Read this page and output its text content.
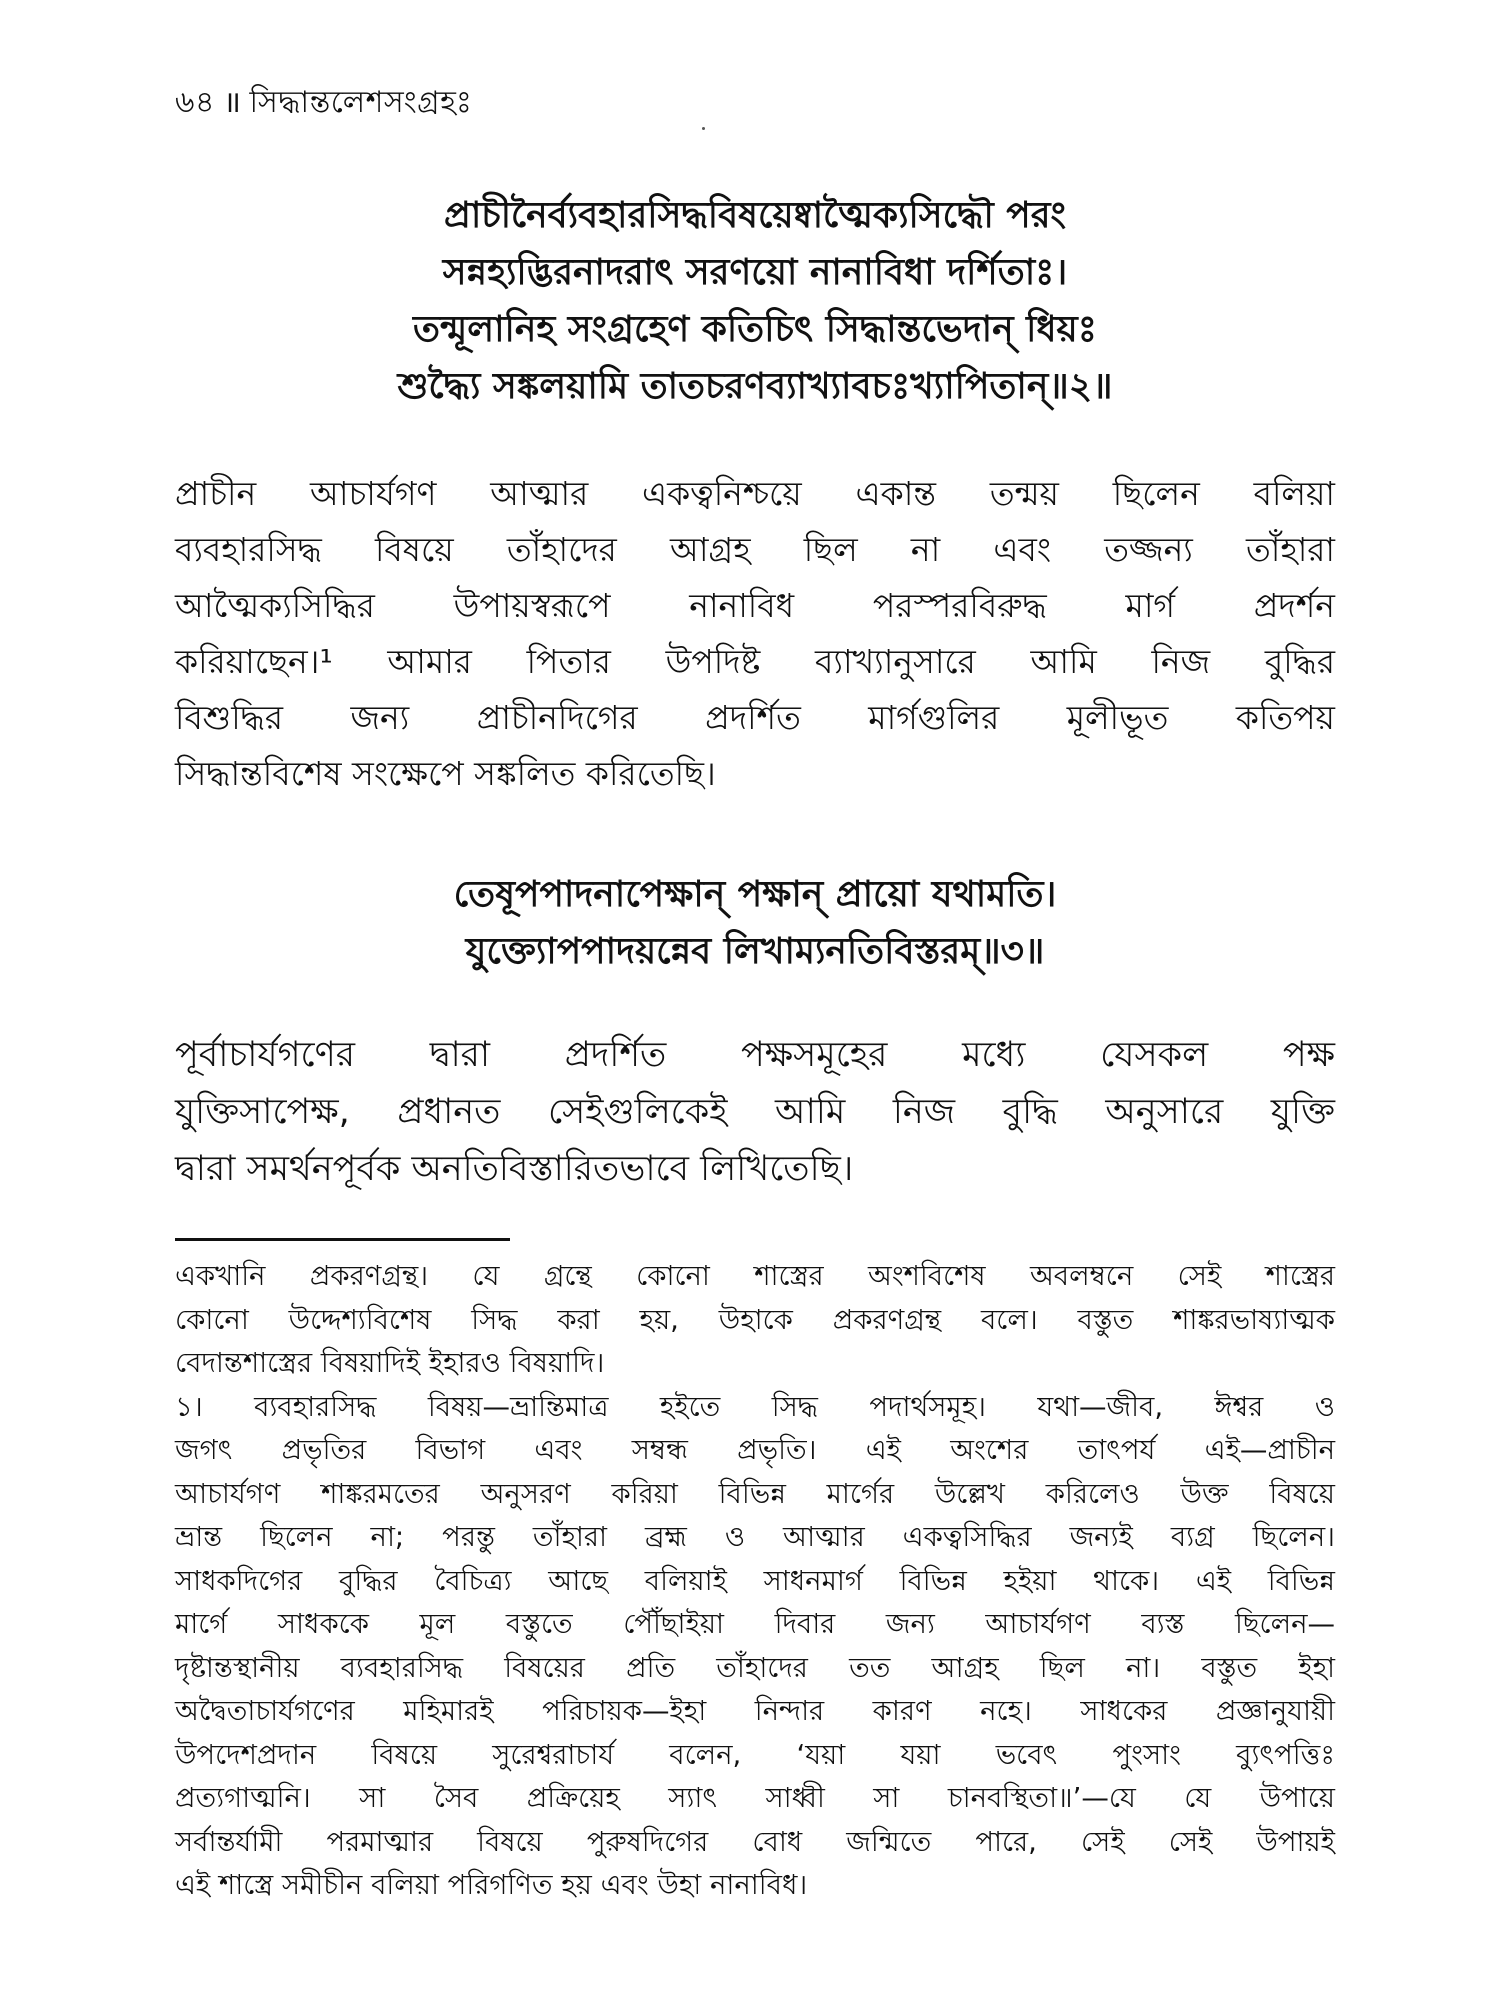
৬৪ ॥ সিদ্ধান্তলেশসংগ্রহঃ
প্রাচীনৈর্ব্যবহারসিদ্ধবিষয়েষ্বাত্মৈক্যসিদ্ধৌ পরং
সন্নহ্যদ্ভিরনাদরাৎ সরণয়ো নানাবিধা দর্শিতাঃ।
তন্মূলানিহ সংগ্রহেণ কতিচিৎ সিদ্ধান্তভেদান্ ধিয়ঃ
শুদ্ধ্যৈ সঙ্কলয়ামি তাতচরণব্যাখ্যাবচঃখ্যাপিতান্॥২॥
প্রাচীন আচার্যগণ আত্মার একত্বনিশ্চয়ে একান্ত তন্ময় ছিলেন বলিয়া
ব্যবহারসিদ্ধ বিষয়ে তাঁহাদের আগ্রহ ছিল না এবং তজ্জন্য তাঁহারা
আত্মৈক্যসিদ্ধির উপায়স্বরূপে নানাবিধ পরস্পরবিরুদ্ধ মার্গ প্রদর্শন
করিয়াছেন।¹ আমার পিতার উপদিষ্ট ব্যাখ্যানুসারে আমি নিজ বুদ্ধির
বিশুদ্ধির জন্য প্রাচীনদিগের প্রদর্শিত মার্গগুলির মূলীভূত কতিপয়
সিদ্ধান্তবিশেষ সংক্ষেপে সঙ্কলিত করিতেছি।
তেষূপপাদনাপেক্ষান্ পক্ষান্ প্রায়ো যথামতি।
যুক্ত্যোপপাদয়ন্নেব লিখাম্যনতিবিস্তরম্॥৩॥
পূর্বাচার্যগণের দ্বারা প্রদর্শিত পক্ষসমূহের মধ্যে যেসকল পক্ষ
যুক্তিসাপেক্ষ, প্রধানত সেইগুলিকেই আমি নিজ বুদ্ধি অনুসারে যুক্তি
দ্বারা সমর্থনপূর্বক অনতিবিস্তারিতভাবে লিখিতেছি।
একখানি প্রকরণগ্রন্থ। যে গ্রন্থে কোনো শাস্ত্রের অংশবিশেষ অবলম্বনে সেই শাস্ত্রের
কোনো উদ্দেশ্যবিশেষ সিদ্ধ করা হয়, উহাকে প্রকরণগ্রন্থ বলে। বস্তুত শাঙ্করভাষ্যাত্মক
বেদান্তশাস্ত্রের বিষয়াদিই ইহারও বিষয়াদি।
১। ব্যবহারসিদ্ধ বিষয়—ভ্রান্তিমাত্র হইতে সিদ্ধ পদার্থসমূহ। যথা—জীব, ঈশ্বর ও
জগৎ প্রভৃতির বিভাগ এবং সম্বন্ধ প্রভৃতি। এই অংশের তাৎপর্য এই—প্রাচীন
আচার্যগণ শাঙ্করমতের অনুসরণ করিয়া বিভিন্ন মার্গের উল্লেখ করিলেও উক্ত বিষয়ে
ভ্রান্ত ছিলেন না; পরন্তু তাঁহারা ব্রহ্ম ও আত্মার একত্বসিদ্ধির জন্যই ব্যগ্র ছিলেন।
সাধকদিগের বুদ্ধির বৈচিত্র্য আছে বলিয়াই সাধনমার্গ বিভিন্ন হইয়া থাকে। এই বিভিন্ন
মার্গে সাধককে মূল বস্তুতে পৌঁছাইয়া দিবার জন্য আচার্যগণ ব্যস্ত ছিলেন—
দৃষ্টান্তস্থানীয় ব্যবহারসিদ্ধ বিষয়ের প্রতি তাঁহাদের তত আগ্রহ ছিল না। বস্তুত ইহা
অদ্বৈতাচার্যগণের মহিমারই পরিচায়ক—ইহা নিন্দার কারণ নহে। সাধকের প্রজ্ঞানুযায়ী
উপদেশপ্রদান বিষয়ে সুরেশ্বরাচার্য বলেন, ‘যয়া যয়া ভবেৎ পুংসাং ব্যুৎপত্তিঃ
প্রত্যগাত্মনি। সা সৈব প্রক্রিয়েহ স্যাৎ সাধ্বী সা চানবস্থিতা॥’—যে যে উপায়ে
সর্বান্তর্যামী পরমাত্মার বিষয়ে পুরুষদিগের বোধ জন্মিতে পারে, সেই সেই উপায়ই
এই শাস্ত্রে সমীচীন বলিয়া পরিগণিত হয় এবং উহা নানাবিধ।
